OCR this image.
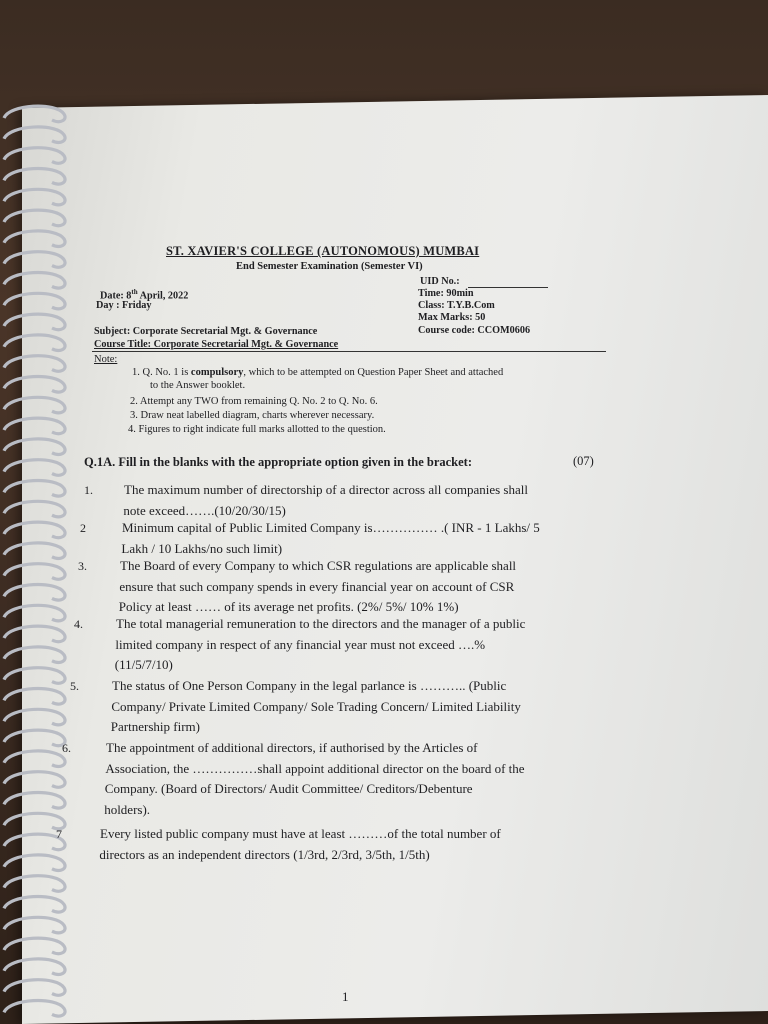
ST. XAVIER'S COLLEGE (AUTONOMOUS) MUMBAI
End Semester Examination (Semester VI)
UID No.:
Date: 8th April, 2022
Day : Friday
Time: 90min
Class: T.Y.B.Com
Max Marks: 50
Subject: Corporate Secretarial Mgt. & Governance	Course code: CCOM0606
Course Title: Corporate Secretarial Mgt. & Governance
Note:
1. Q. No. 1 is compulsory, which to be attempted on Question Paper Sheet and attached
to the Answer booklet.
2. Attempt any TWO from remaining Q. No. 2 to Q. No. 6.
3. Draw neat labelled diagram, charts wherever necessary.
4. Figures to right indicate full marks allotted to the question.
Q.1A. Fill in the blanks with the appropriate option given in the bracket:	(07)
1. The maximum number of directorship of a director across all companies shall
note exceed…….(10/20/30/15)
2	Minimum capital of Public Limited Company is…………… .( INR - 1 Lakhs/ 5
Lakh / 10 Lakhs/no such limit)
3.	The Board of every Company to which CSR regulations are applicable shall
ensure that such company spends in every financial year on account of CSR
Policy at least …… of its average net profits. (2%/ 5%/ 10% 1%)
4.	The total managerial remuneration to the directors and the manager of a public
limited company in respect of any financial year must not exceed ….%
(11/5/7/10)
5.	The status of One Person Company in the legal parlance is ……….. (Public
Company/ Private Limited Company/ Sole Trading Concern/ Limited Liability
Partnership firm)
6.	The appointment of additional directors, if authorised by the Articles of
Association, the ……………shall appoint additional director on the board of the
Company. (Board of Directors/ Audit Committee/ Creditors/Debenture
holders).
7	Every listed public company must have at least ………of the total number of
directors as an independent directors (1/3rd, 2/3rd, 3/5th, 1/5th)
1
